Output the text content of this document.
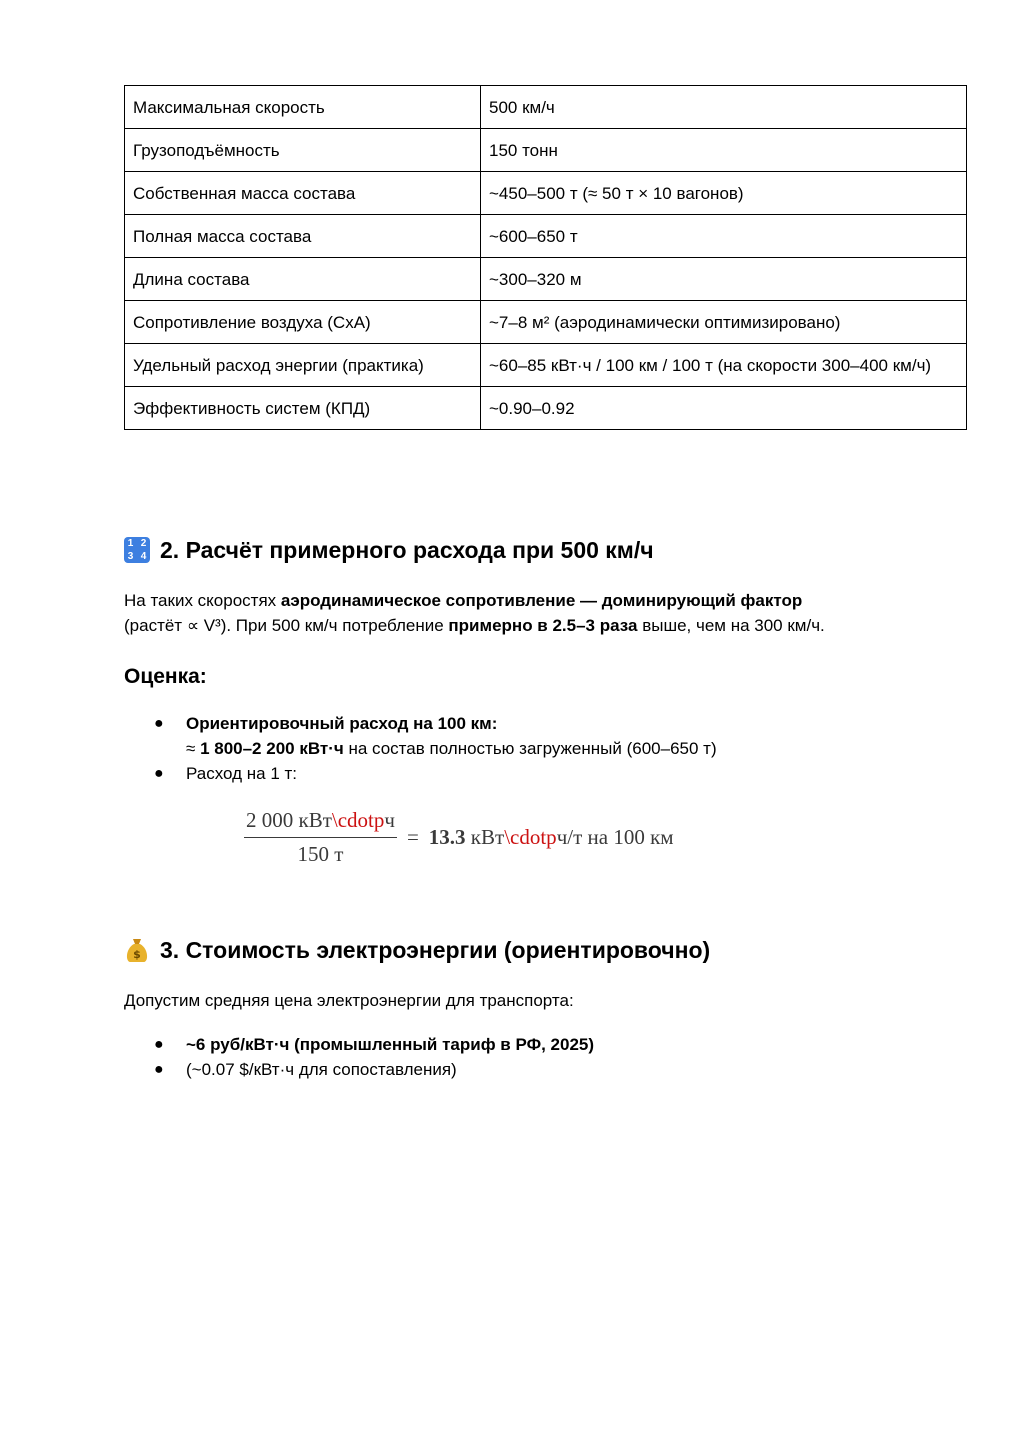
Максимальная скорость	500 км/ч
Грузоподъёмность	150 тонн
Собственная масса состава	~450–500 т (≈ 50 т × 10 вагонов)
Полная масса состава	~600–650 т
Длина состава	~300–320 м
Сопротивление воздуха (CxA)	~7–8 м² (аэродинамически оптимизировано)
Удельный расход энергии (практика)	~60–85 кВт·ч / 100 км / 100 т (на скорости 300–400 км/ч)
Эффективность систем (КПД)	~0.90–0.92
1 2
3 4 2. Расчёт примерного расхода при 500 км/ч

На таких скоростях аэродинамическое сопротивление — доминирующий фактор
(растёт ∝ V³). При 500 км/ч потребление примерно в 2.5–3 раза выше, чем на 300 км/ч.

Оценка:
● Ориентировочный расход на 100 км:
≈ 1 800–2 200 кВт·ч на состав полностью загруженный (600–650 т)
● Расход на 1 т:
$\frac{\text{2 000 кВт\textbackslash{}cdotpч}}{150 т} = 13.3$ кВт\cdotpч/т на 100 км
$ 3. Стоимость электроэнергии (ориентировочно)

Допустим средняя цена электроэнергии для транспорта:

● ~6 руб/кВт·ч (промышленный тариф в РФ, 2025)
● (~0.07 $/кВт·ч для сопоставления)
